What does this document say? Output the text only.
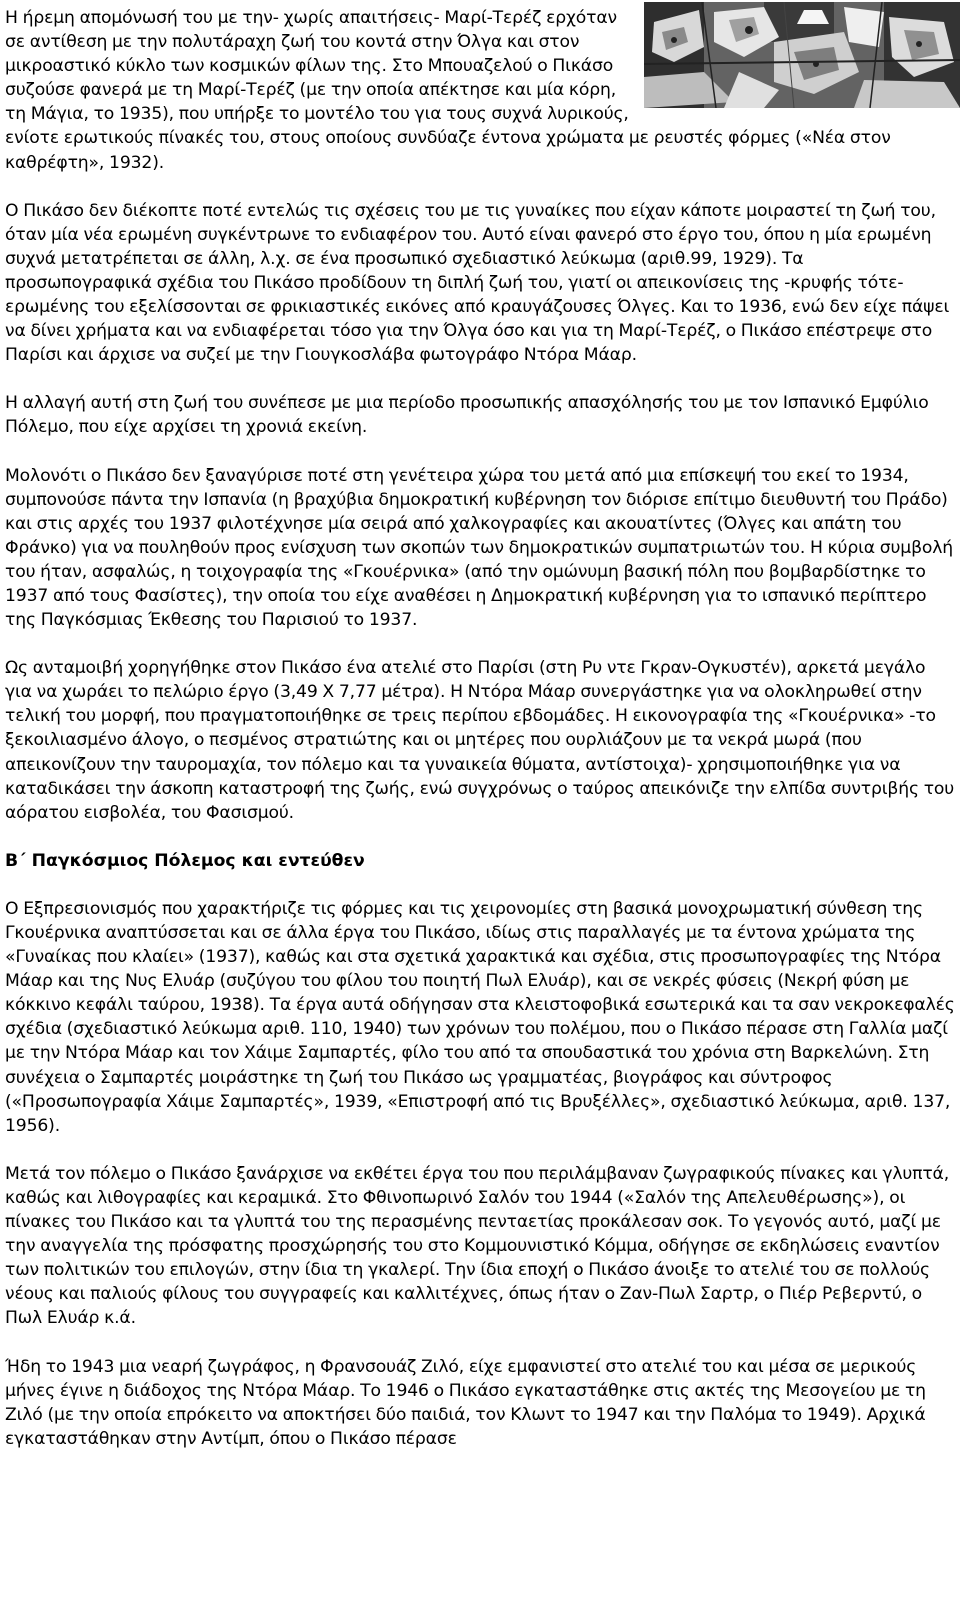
Η ήρεμη απομόνωσή του με την- χωρίς απαιτήσεις- Μαρί-Τερέζ ερχόταν σε αντίθεση με την πολυτάραχη ζωή του κοντά στην Όλγα και στον μικροαστικό κύκλο των κοσμικών φίλων της. Στο Μπουαζελού ο Πικάσο συζούσε φανερά με τη Μαρί-Τερέζ (με την οποία απέκτησε και μία κόρη, τη Μάγια, το 1935), που υπήρξε το μοντέλο του για τους συχνά λυρικούς, ενίοτε ερωτικούς πίνακές του, στους οποίους συνδύαζε έντονα χρώματα με ρευστές φόρμες («Νέα στον καθρέφτη», 1932).

Ο Πικάσο δεν διέκοπτε ποτέ εντελώς τις σχέσεις του με τις γυναίκες που είχαν κάποτε μοιραστεί τη ζωή του, όταν μία νέα ερωμένη συγκέντρωνε το ενδιαφέρον του. Αυτό είναι φανερό στο έργο του, όπου η μία ερωμένη συχνά μετατρέπεται σε άλλη, λ.χ. σε ένα προσωπικό σχεδιαστικό λεύκωμα (αριθ.99, 1929). Τα προσωπογραφικά σχέδια του Πικάσο προδίδουν τη διπλή ζωή του, γιατί οι απεικονίσεις της -κρυφής τότε- ερωμένης του εξελίσσονται σε φρικιαστικές εικόνες από κραυγάζουσες Όλγες. Και το 1936, ενώ δεν είχε πάψει να δίνει χρήματα και να ενδιαφέρεται τόσο για την Όλγα όσο και για τη Μαρί-Τερέζ, ο Πικάσο επέστρεψε στο Παρίσι και άρχισε να συζεί με την Γιουγκοσλάβα φωτογράφο Ντόρα Μάαρ.

Η αλλαγή αυτή στη ζωή του συνέπεσε με μια περίοδο προσωπικής απασχόλησής του με τον Ισπανικό Εμφύλιο Πόλεμο, που είχε αρχίσει τη χρονιά εκείνη.

Μολονότι ο Πικάσο δεν ξαναγύρισε ποτέ στη γενέτειρα χώρα του μετά από μια επίσκεψή του εκεί το 1934, συμπονούσε πάντα την Ισπανία (η βραχύβια δημοκρατική κυβέρνηση τον διόρισε επίτιμο διευθυντή του Πράδο) και στις αρχές του 1937 φιλοτέχνησε μία σειρά από χαλκογραφίες και ακουατίντες (Όλγες και απάτη του Φράνκο) για να πουληθούν προς ενίσχυση των σκοπών των δημοκρατικών συμπατριωτών του. Η κύρια συμβολή του ήταν, ασφαλώς, η τοιχογραφία της «Γκουέρνικα» (από την ομώνυμη βασική πόλη που βομβαρδίστηκε το 1937 από τους Φασίστες), την οποία του είχε αναθέσει η Δημοκρατική κυβέρνηση για το ισπανικό περίπτερο της Παγκόσμιας Έκθεσης του Παρισιού το 1937.

Ως ανταμοιβή χορηγήθηκε στον Πικάσο ένα ατελιέ στο Παρίσι (στη Ρυ ντε Γκραν-Ογκυστέν), αρκετά μεγάλο για να χωράει το πελώριο έργο (3,49 Χ 7,77 μέτρα). Η Ντόρα Μάαρ συνεργάστηκε για να ολοκληρωθεί στην τελική του μορφή, που πραγματοποιήθηκε σε τρεις περίπου εβδομάδες. Η εικονογραφία της «Γκουέρνικα» -το ξεκοιλιασμένο άλογο, ο πεσμένος στρατιώτης και οι μητέρες που ουρλιάζουν με τα νεκρά μωρά (που απεικονίζουν την ταυρομαχία, τον πόλεμο και τα γυναικεία θύματα, αντίστοιχα)- χρησιμοποιήθηκε για να καταδικάσει την άσκοπη καταστροφή της ζωής, ενώ συγχρόνως ο ταύρος απεικόνιζε την ελπίδα συντριβής του αόρατου εισβολέα, του Φασισμού.

Β΄ Παγκόσμιος Πόλεμος και εντεύθεν

Ο Εξπρεσιονισμός που χαρακτήριζε τις φόρμες και τις χειρονομίες στη βασικά μονοχρωματική σύνθεση της Γκουέρνικα αναπτύσσεται και σε άλλα έργα του Πικάσο, ιδίως στις παραλλαγές με τα έντονα χρώματα της «Γυναίκας που κλαίει» (1937), καθώς και στα σχετικά χαρακτικά και σχέδια, στις προσωπογραφίες της Ντόρα Μάαρ και της Νυς Ελυάρ (συζύγου του φίλου του ποιητή Πωλ Ελυάρ), και σε νεκρές φύσεις (Νεκρή φύση με κόκκινο κεφάλι ταύρου, 1938). Τα έργα αυτά οδήγησαν στα κλειστοφοβικά εσωτερικά και τα σαν νεκροκεφαλές σχέδια (σχεδιαστικό λεύκωμα αριθ. 110, 1940) των χρόνων του πολέμου, που ο Πικάσο πέρασε στη Γαλλία μαζί με την Ντόρα Μάαρ και τον Χάιμε Σαμπαρτές, φίλο του από τα σπουδαστικά του χρόνια στη Βαρκελώνη. Στη συνέχεια ο Σαμπαρτές μοιράστηκε τη ζωή του Πικάσο ως γραμματέας, βιογράφος και σύντροφος («Προσωπογραφία Χάιμε Σαμπαρτές», 1939, «Επιστροφή από τις Βρυξέλλες», σχεδιαστικό λεύκωμα, αριθ. 137, 1956).

Μετά τον πόλεμο ο Πικάσο ξανάρχισε να εκθέτει έργα του που περιλάμβαναν ζωγραφικούς πίνακες και γλυπτά, καθώς και λιθογραφίες και κεραμικά. Στο Φθινοπωρινό Σαλόν του 1944 («Σαλόν της Απελευθέρωσης»), οι πίνακες του Πικάσο και τα γλυπτά του της περασμένης πενταετίας προκάλεσαν σοκ. Το γεγονός αυτό, μαζί με την αναγγελία της πρόσφατης προσχώρησής του στο Κομμουνιστικό Κόμμα, οδήγησε σε εκδηλώσεις εναντίον των πολιτικών του επιλογών, στην ίδια τη γκαλερί. Την ίδια εποχή ο Πικάσο άνοιξε το ατελιέ του σε πολλούς νέους και παλιούς φίλους του συγγραφείς και καλλιτέχνες, όπως ήταν ο Ζαν-Πωλ Σαρτρ, ο Πιέρ Ρεβερντύ, ο Πωλ Ελυάρ κ.ά.

Ήδη το 1943 μια νεαρή ζωγράφος, η Φρανσουάζ Ζιλό, είχε εμφανιστεί στο ατελιέ του και μέσα σε μερικούς μήνες έγινε η διάδοχος της Ντόρα Μάαρ. Το 1946 ο Πικάσο εγκαταστάθηκε στις ακτές της Μεσογείου με τη Ζιλό (με την οποία επρόκειτο να αποκτήσει δύο παιδιά, τον Κλωντ το 1947 και την Παλόμα το 1949). Αρχικά εγκαταστάθηκαν στην Αντίμπ, όπου ο Πικάσο πέρασε
